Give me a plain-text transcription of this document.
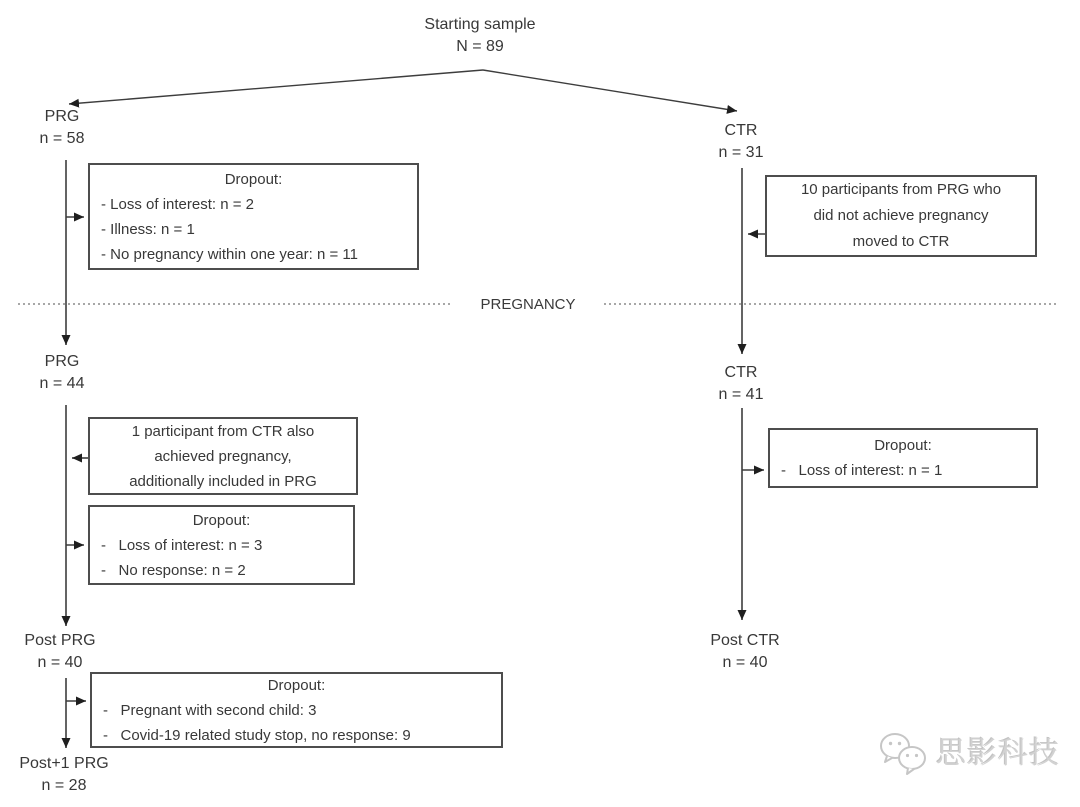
Starting sample
N = 89
PRG
n = 58	CTR
n = 31
PREGNANCY
PRG
n = 44
CTR
n = 41
Post PRG
n = 40
Post CTR
n = 40
Post+1 PRG
n = 28
Dropout:
- Loss of interest: n = 2
- Illness: n = 1
- No pregnancy within one year: n = 11
10 participants from PRG who
did not achieve pregnancy
moved to CTR
1 participant from CTR also
achieved pregnancy,
additionally included in PRG
Dropout:
-   Loss of interest: n = 3
-   No response: n = 2
Dropout:
-   Loss of interest: n = 1
Dropout:
-   Pregnant with second child: 3
-   Covid-19 related study stop, no response: 9
思影科技
